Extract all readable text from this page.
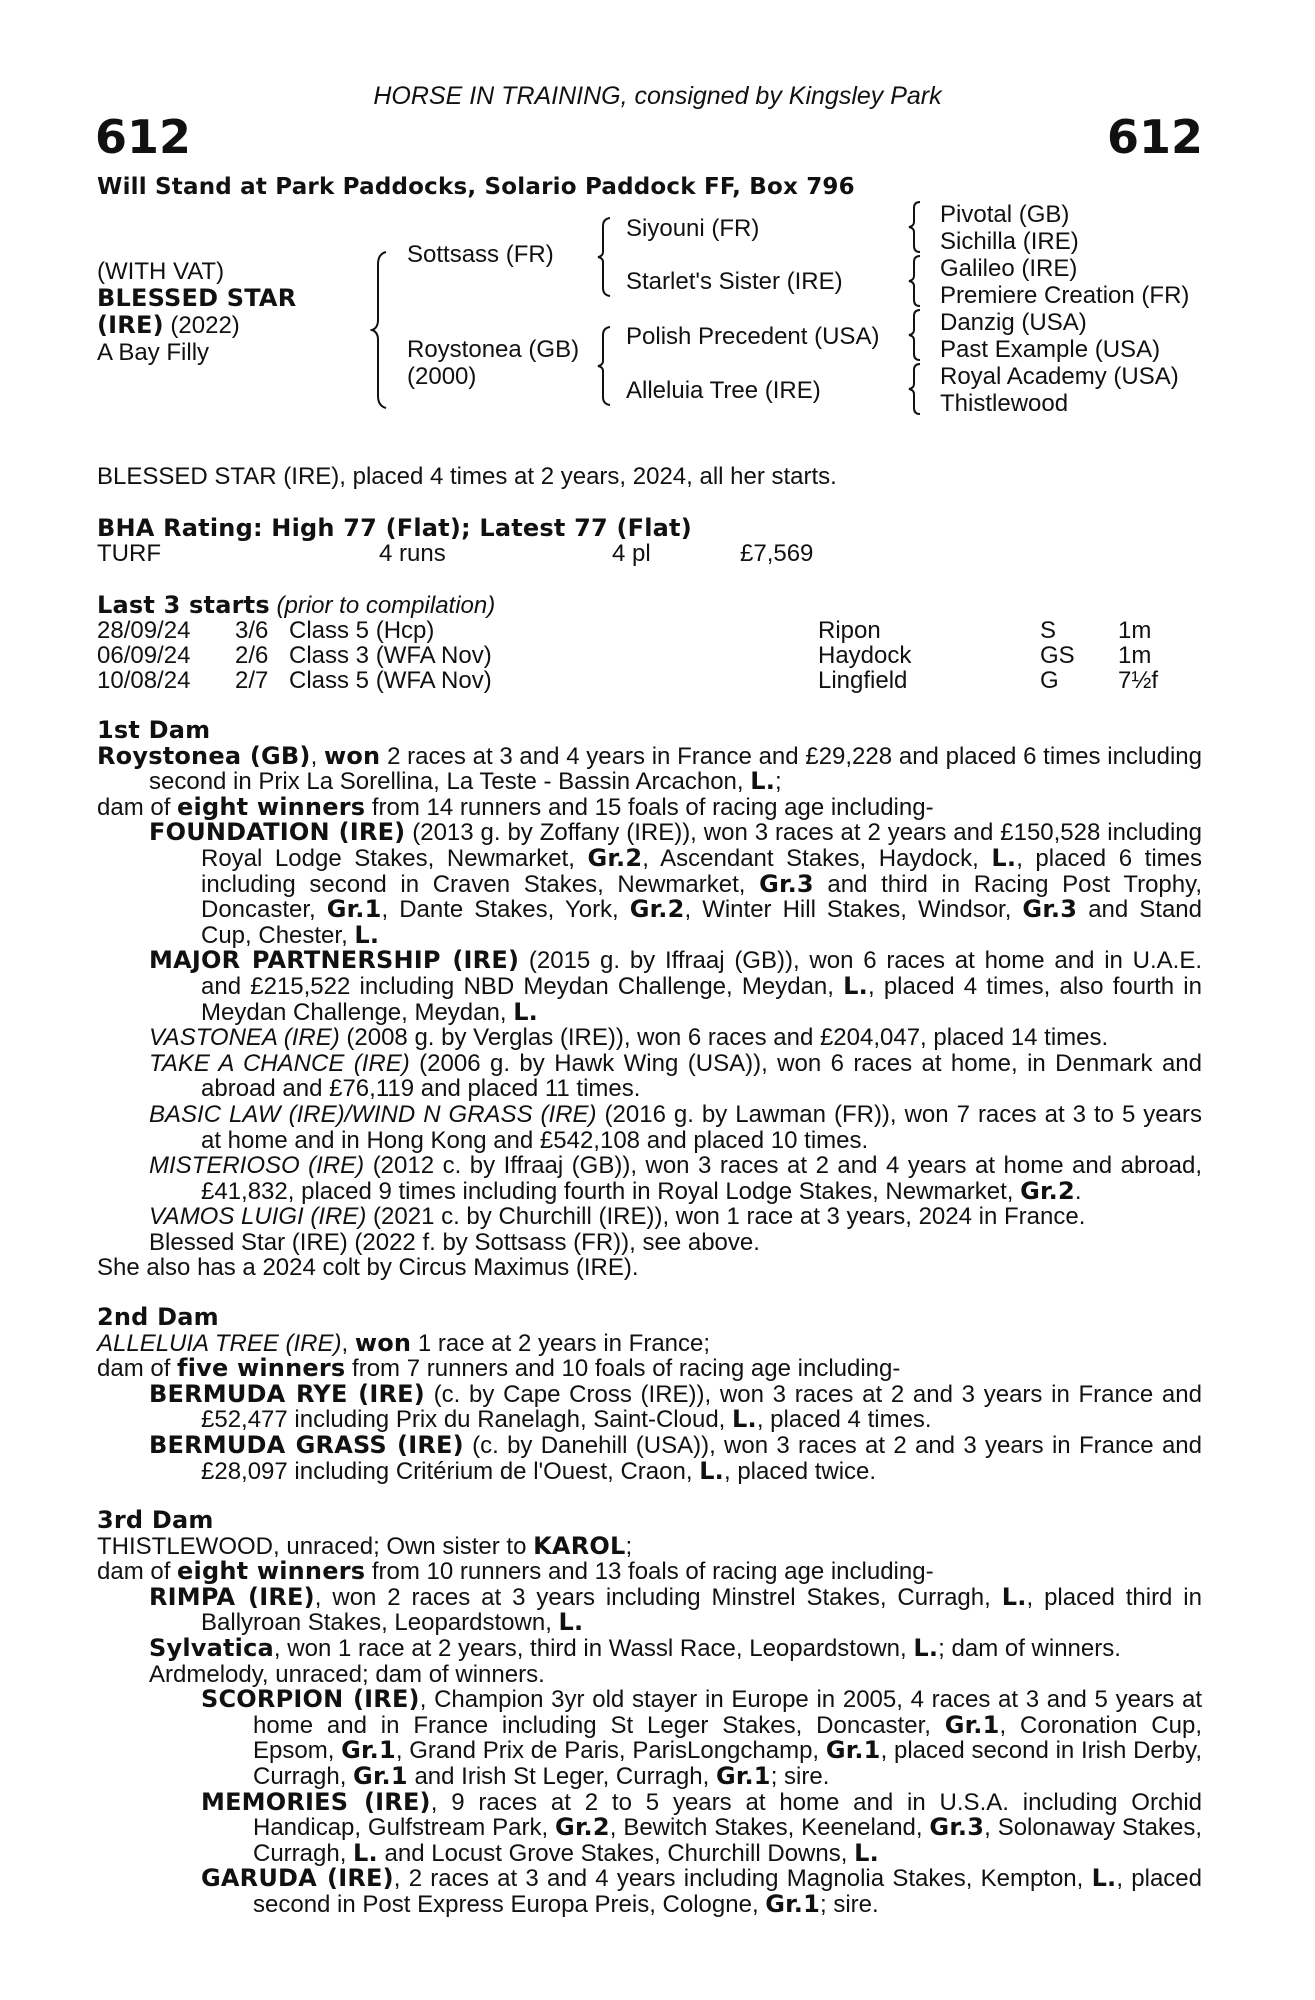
HORSE IN TRAINING, consigned by Kingsley Park
612	612
Will Stand at Park Paddocks, Solario Paddock FF, Box 796
(WITH VAT)
BLESSED STAR
(IRE) (2022)
A Bay Filly
Sottsass (FR)
Roystonea (GB)
(2000)
Siyouni (FR)
Starlet's Sister (IRE)
Polish Precedent (USA)
Alleluia Tree (IRE)
Pivotal (GB)
Sichilla (IRE)
Galileo (IRE)
Premiere Creation (FR)
Danzig (USA)
Past Example (USA)
Royal Academy (USA)
Thistlewood
BLESSED STAR (IRE), placed 4 times at 2 years, 2024, all her starts.
BHA Rating: High 77 (Flat); Latest 77 (Flat)
TURF	4 runs	4 pl	£7,569
Last 3 starts (prior to compilation)
28/09/24 3/6 Class 5 (Hcp)	Ripon	S	1m
06/09/24 2/6 Class 3 (WFA Nov)	Haydock	GS 1m
10/08/24 2/7 Class 5 (WFA Nov)	Lingfield	G 7½f

1st Dam

Roystonea (GB), won 2 races at 3 and 4 years in France and £29,228 and placed 6 times including second in Prix La Sorellina, La Teste - Bassin Arcachon, L.;

dam of eight winners from 14 runners and 15 foals of racing age including-

FOUNDATION (IRE) (2013 g. by Zoffany (IRE)), won 3 races at 2 years and £150,528 including Royal Lodge Stakes, Newmarket, Gr.2, Ascendant Stakes, Haydock, L., placed 6 times including second in Craven Stakes, Newmarket, Gr.3 and third in Racing Post Trophy, Doncaster, Gr.1, Dante Stakes, York, Gr.2, Winter Hill Stakes, Windsor, Gr.3 and Stand Cup, Chester, L.

MAJOR PARTNERSHIP (IRE) (2015 g. by Iffraaj (GB)), won 6 races at home and in U.A.E. and £215,522 including NBD Meydan Challenge, Meydan, L., placed 4 times, also fourth in Meydan Challenge, Meydan, L.

VASTONEA (IRE) (2008 g. by Verglas (IRE)), won 6 races and £204,047, placed 14 times.

TAKE A CHANCE (IRE) (2006 g. by Hawk Wing (USA)), won 6 races at home, in Denmark and abroad and £76,119 and placed 11 times.

BASIC LAW (IRE)/WIND N GRASS (IRE) (2016 g. by Lawman (FR)), won 7 races at 3 to 5 years at home and in Hong Kong and £542,108 and placed 10 times.

MISTERIOSO (IRE) (2012 c. by Iffraaj (GB)), won 3 races at 2 and 4 years at home and abroad, £41,832, placed 9 times including fourth in Royal Lodge Stakes, Newmarket, Gr.2.

VAMOS LUIGI (IRE) (2021 c. by Churchill (IRE)), won 1 race at 3 years, 2024 in France.

Blessed Star (IRE) (2022 f. by Sottsass (FR)), see above.

She also has a 2024 colt by Circus Maximus (IRE).

2nd Dam

ALLELUIA TREE (IRE), won 1 race at 2 years in France;

dam of five winners from 7 runners and 10 foals of racing age including-

BERMUDA RYE (IRE) (c. by Cape Cross (IRE)), won 3 races at 2 and 3 years in France and £52,477 including Prix du Ranelagh, Saint-Cloud, L., placed 4 times.

BERMUDA GRASS (IRE) (c. by Danehill (USA)), won 3 races at 2 and 3 years in France and £28,097 including Critérium de l'Ouest, Craon, L., placed twice.

3rd Dam

THISTLEWOOD, unraced; Own sister to KAROL;

dam of eight winners from 10 runners and 13 foals of racing age including-

RIMPA (IRE), won 2 races at 3 years including Minstrel Stakes, Curragh, L., placed third in Ballyroan Stakes, Leopardstown, L.

Sylvatica, won 1 race at 2 years, third in Wassl Race, Leopardstown, L.; dam of winners.

Ardmelody, unraced; dam of winners.

SCORPION (IRE), Champion 3yr old stayer in Europe in 2005, 4 races at 3 and 5 years at home and in France including St Leger Stakes, Doncaster, Gr.1, Coronation Cup, Epsom, Gr.1, Grand Prix de Paris, ParisLongchamp, Gr.1, placed second in Irish Derby, Curragh, Gr.1 and Irish St Leger, Curragh, Gr.1; sire.

MEMORIES (IRE), 9 races at 2 to 5 years at home and in U.S.A. including Orchid Handicap, Gulfstream Park, Gr.2, Bewitch Stakes, Keeneland, Gr.3, Solonaway Stakes, Curragh, L. and Locust Grove Stakes, Churchill Downs, L.

GARUDA (IRE), 2 races at 3 and 4 years including Magnolia Stakes, Kempton, L., placed second in Post Express Europa Preis, Cologne, Gr.1; sire.
